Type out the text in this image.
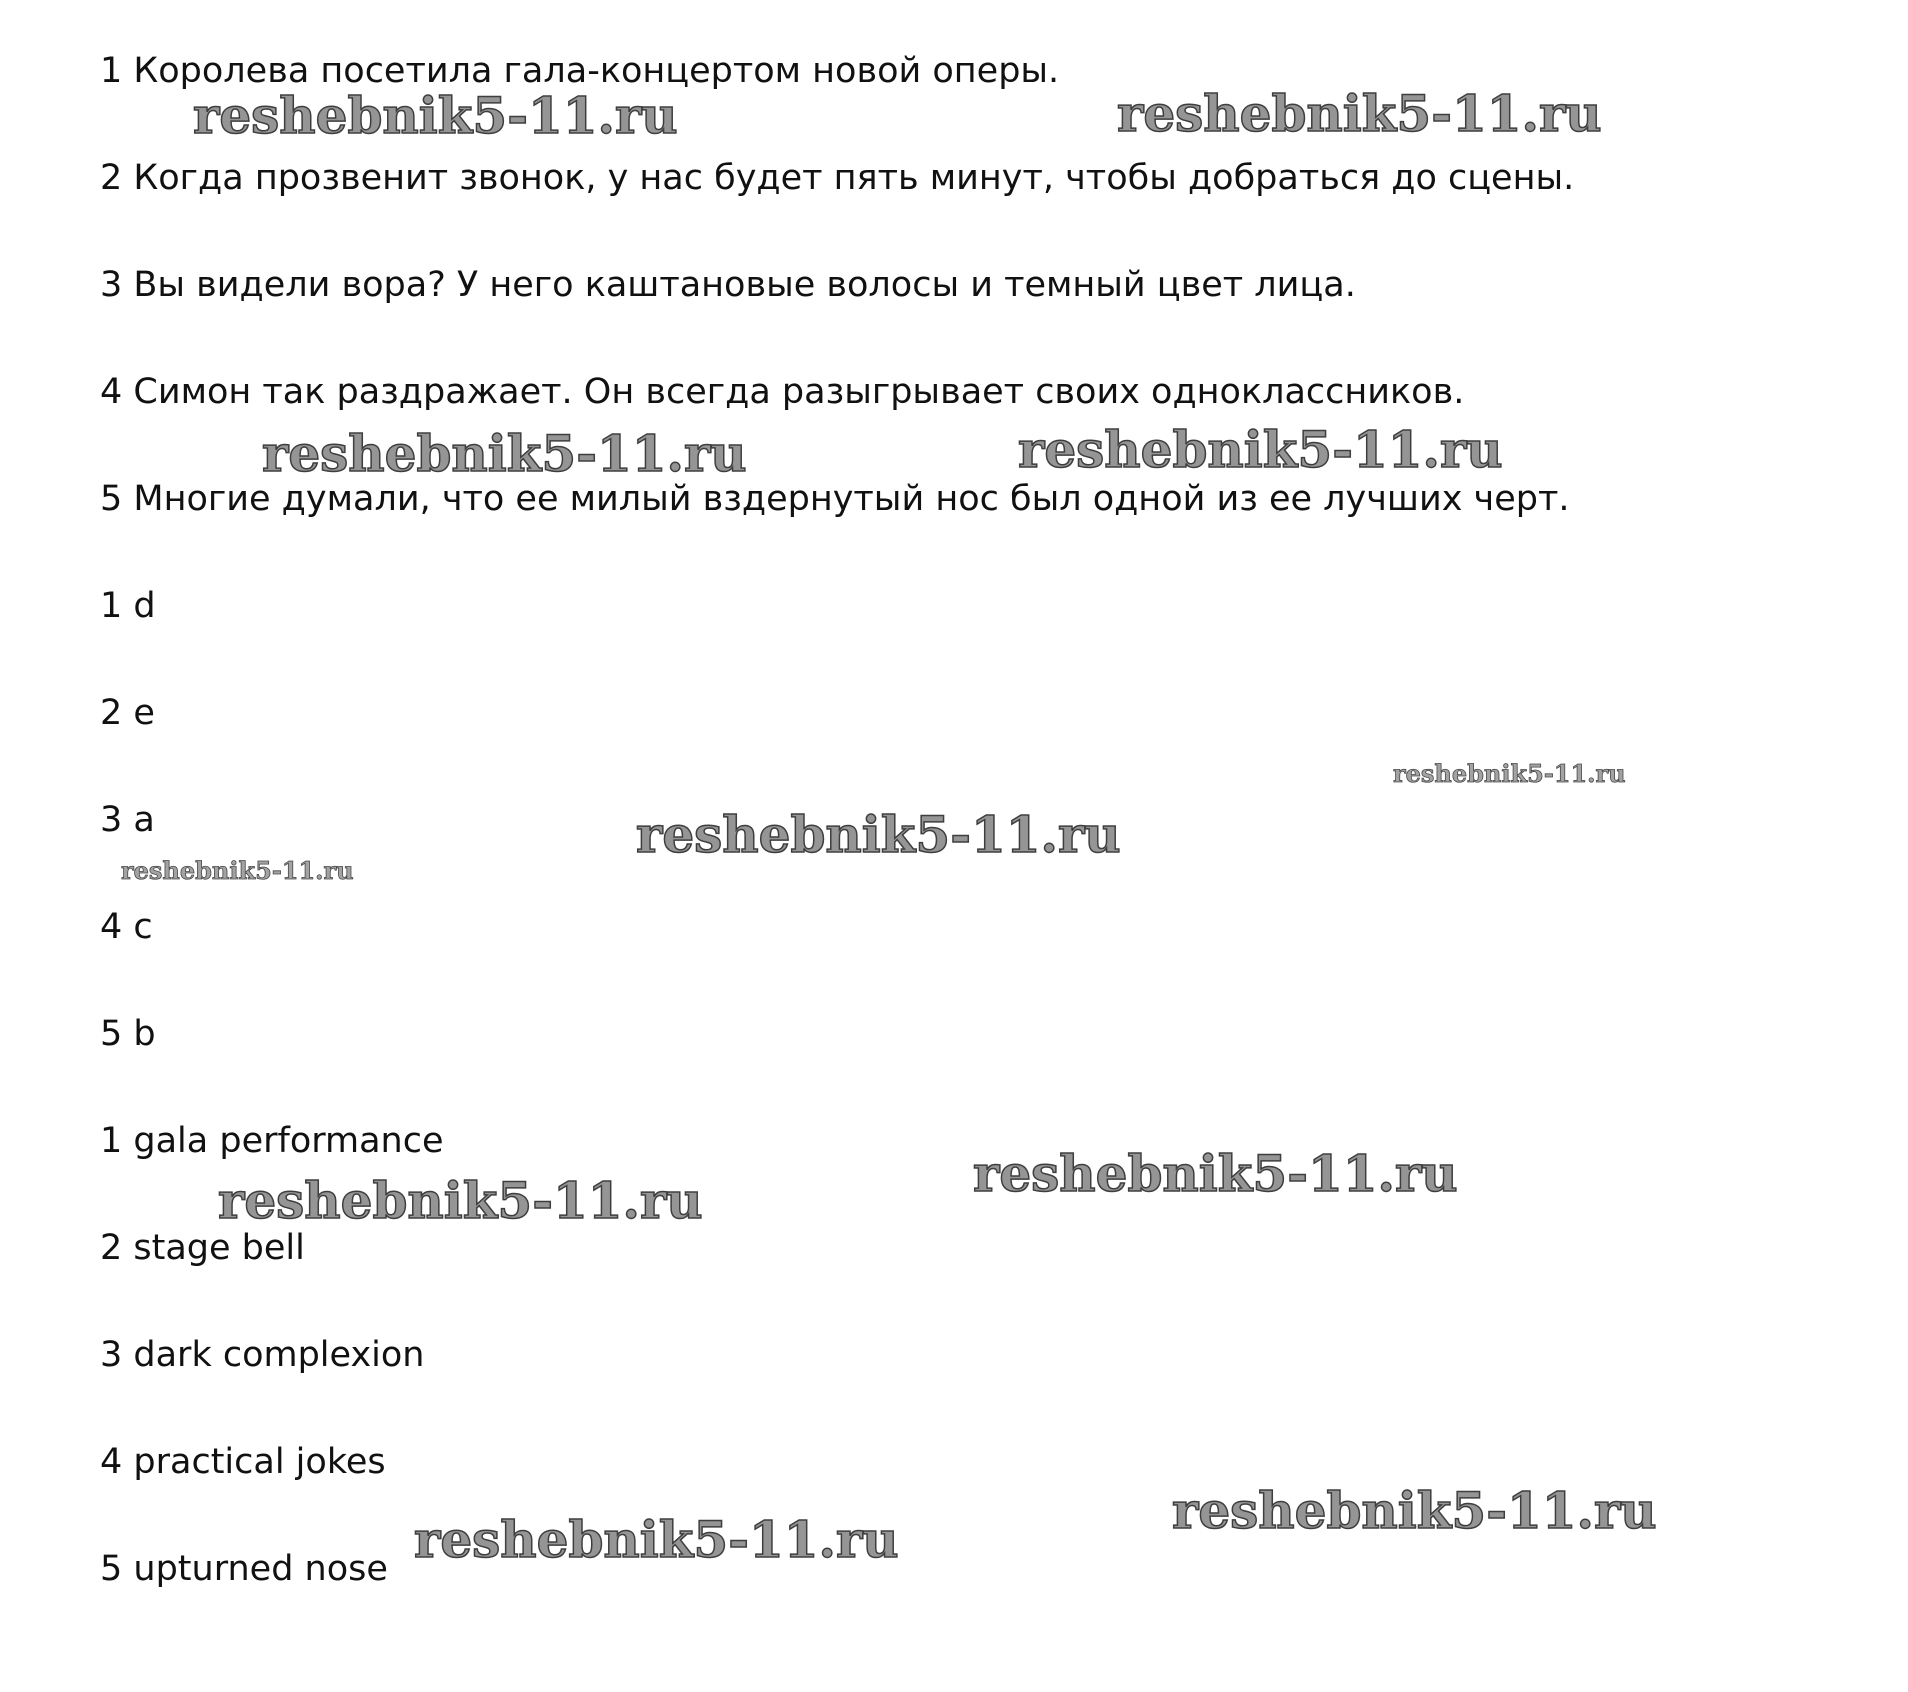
1 Королева посетила гала-концертом новой оперы.
2 Когда прозвенит звонок, у нас будет пять минут, чтобы добраться до сцены.
3 Вы видели вора? У него каштановые волосы и темный цвет лица.
4 Симон так раздражает. Он всегда разыгрывает своих одноклассников.
5 Многие думали, что ее милый вздернутый нос был одной из ее лучших черт.
1 d
2 e
3 a
4 c
5 b
1 gala performance
2 stage bell
3 dark complexion
4 practical jokes
5 upturned nose
reshebnik5-11.ru	reshebnik5-11.ru
reshebnik5-11.ru	reshebnik5-11.ru
reshebnik5-11.ru
reshebnik5-11.ru
reshebnik5-11.ru
reshebnik5-11.ru
reshebnik5-11.ru
reshebnik5-11.ru
reshebnik5-11.ru
